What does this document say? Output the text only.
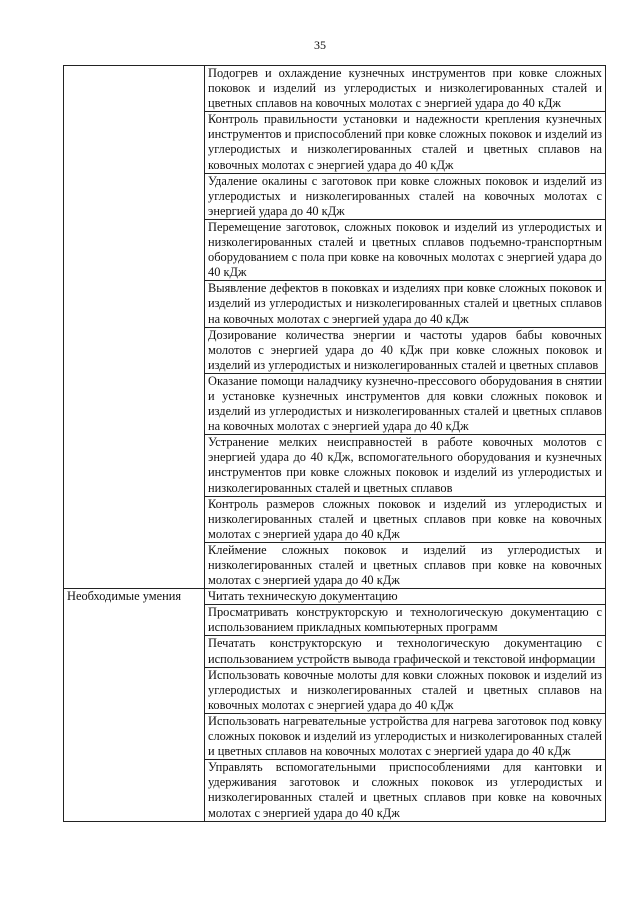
35
	Подогрев и охлаждение кузнечных инструментов при ковке сложных поковок и изделий из углеродистых и низколегированных сталей и цветных сплавов на ковочных молотах с энергией удара до 40 кДж
	Контроль правильности установки и надежности крепления кузнечных инструментов и приспособлений при ковке сложных поковок и изделий из углеродистых и низколегированных сталей и цветных сплавов на ковочных молотах с энергией удара до 40 кДж
	Удаление окалины с заготовок при ковке сложных поковок и изделий из углеродистых и низколегированных сталей на ковочных молотах с энергией удара до 40 кДж
	Перемещение заготовок, сложных поковок и изделий из углеродистых и низколегированных сталей и цветных сплавов подъемно-транспортным оборудованием с пола при ковке на ковочных молотах с энергией удара до 40 кДж
	Выявление дефектов в поковках и изделиях при ковке сложных поковок и изделий из углеродистых и низколегированных сталей и цветных сплавов на ковочных молотах с энергией удара до 40 кДж
	Дозирование количества энергии и частоты ударов бабы ковочных молотов с энергией удара до 40 кДж при ковке сложных поковок и изделий из углеродистых и низколегированных сталей и цветных сплавов
	Оказание помощи наладчику кузнечно-прессового оборудования в снятии и установке кузнечных инструментов для ковки сложных поковок и изделий из углеродистых и низколегированных сталей и цветных сплавов на ковочных молотах с энергией удара до 40 кДж
	Устранение мелких неисправностей в работе ковочных молотов с энергией удара до 40 кДж, вспомогательного оборудования и кузнечных инструментов при ковке сложных поковок и изделий из углеродистых и низколегированных сталей и цветных сплавов
	Контроль размеров сложных поковок и изделий из углеродистых и низколегированных сталей и цветных сплавов при ковке на ковочных молотах с энергией удара до 40 кДж
	Клеймение сложных поковок и изделий из углеродистых и низколегированных сталей и цветных сплавов при ковке на ковочных молотах с энергией удара до 40 кДж
Необходимые умения	Читать техническую документацию
	Просматривать конструкторскую и технологическую документацию с использованием прикладных компьютерных программ
	Печатать конструкторскую и технологическую документацию с использованием устройств вывода графической и текстовой информации
	Использовать ковочные молоты для ковки сложных поковок и изделий из углеродистых и низколегированных сталей и цветных сплавов на ковочных молотах с энергией удара до 40 кДж
	Использовать нагревательные устройства для нагрева заготовок под ковку сложных поковок и изделий из углеродистых и низколегированных сталей и цветных сплавов на ковочных молотах с энергией удара до 40 кДж
	Управлять вспомогательными приспособлениями для кантовки и удерживания заготовок и сложных поковок из углеродистых и низколегированных сталей и цветных сплавов при ковке на ковочных молотах с энергией удара до 40 кДж
